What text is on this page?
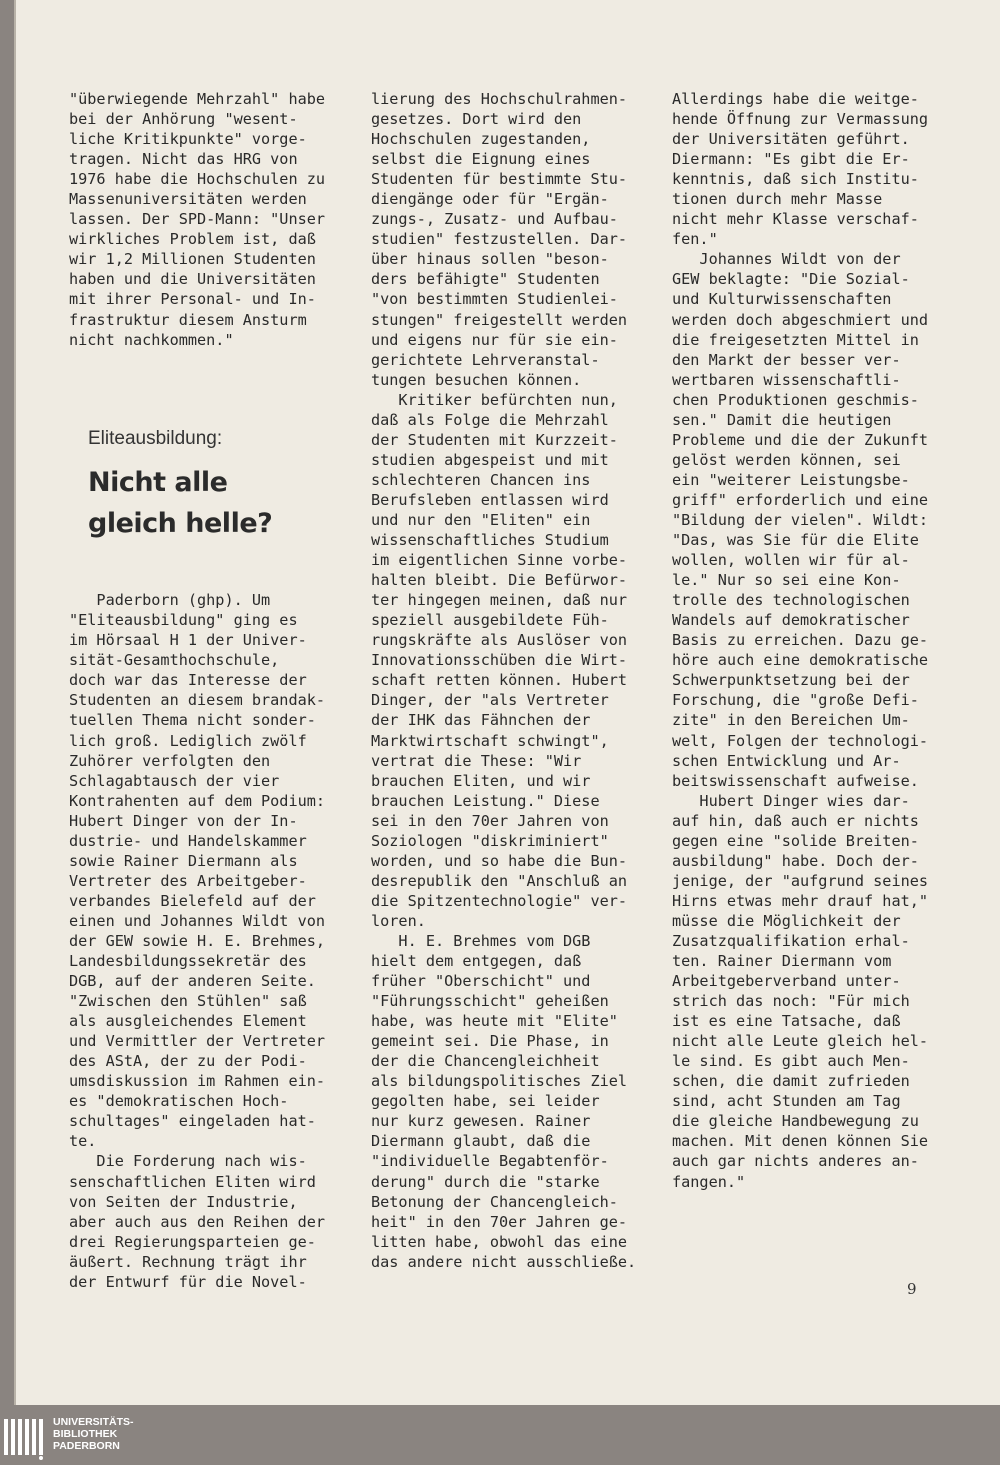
"überwiegende Mehrzahl" habe
bei der Anhörung "wesent-
liche Kritikpunkte" vorge-
tragen. Nicht das HRG von
1976 habe die Hochschulen zu
Massenuniversitäten werden
lassen. Der SPD-Mann: "Unser
wirkliches Problem ist, daß
wir 1,2 Millionen Studenten
haben und die Universitäten
mit ihrer Personal- und In-
frastruktur diesem Ansturm
nicht nachkommen."
Paderborn (ghp). Um
"Eliteausbildung" ging es
im Hörsaal H 1 der Univer-
sität-Gesamthochschule,
doch war das Interesse der
Studenten an diesem brandak-
tuellen Thema nicht sonder-
lich groß. Lediglich zwölf
Zuhörer verfolgten den
Schlagabtausch der vier
Kontrahenten auf dem Podium:
Hubert Dinger von der In-
dustrie- und Handelskammer
sowie Rainer Diermann als
Vertreter des Arbeitgeber-
verbandes Bielefeld auf der
einen und Johannes Wildt von
der GEW sowie H. E. Brehmes,
Landesbildungssekretär des
DGB, auf der anderen Seite.
"Zwischen den Stühlen" saß
als ausgleichendes Element
und Vermittler der Vertreter
des AStA, der zu der Podi-
umsdiskussion im Rahmen ein-
es "demokratischen Hoch-
schultages" eingeladen hat-
te.
Die Forderung nach wis-
senschaftlichen Eliten wird
von Seiten der Industrie,
aber auch aus den Reihen der
drei Regierungsparteien ge-
äußert. Rechnung trägt ihr
der Entwurf für die Novel-
Eliteausbildung:
Nicht alle
gleich helle?
lierung des Hochschulrahmen-
gesetzes. Dort wird den
Hochschulen zugestanden,
selbst die Eignung eines
Studenten für bestimmte Stu-
diengänge oder für "Ergän-
zungs-, Zusatz- und Aufbau-
studien" festzustellen. Dar-
über hinaus sollen "beson-
ders befähigte" Studenten
"von bestimmten Studienlei-
stungen" freigestellt werden
und eigens nur für sie ein-
gerichtete Lehrveranstal-
tungen besuchen können.
Kritiker befürchten nun,
daß als Folge die Mehrzahl
der Studenten mit Kurzzeit-
studien abgespeist und mit
schlechteren Chancen ins
Berufsleben entlassen wird
und nur den "Eliten" ein
wissenschaftliches Studium
im eigentlichen Sinne vorbe-
halten bleibt. Die Befürwor-
ter hingegen meinen, daß nur
speziell ausgebildete Füh-
rungskräfte als Auslöser von
Innovationsschüben die Wirt-
schaft retten können. Hubert
Dinger, der "als Vertreter
der IHK das Fähnchen der
Marktwirtschaft schwingt",
vertrat die These: "Wir
brauchen Eliten, und wir
brauchen Leistung." Diese
sei in den 70er Jahren von
Soziologen "diskriminiert"
worden, und so habe die Bun-
desrepublik den "Anschluß an
die Spitzentechnologie" ver-
loren.
H. E. Brehmes vom DGB
hielt dem entgegen, daß
früher "Oberschicht" und
"Führungsschicht" geheißen
habe, was heute mit "Elite"
gemeint sei. Die Phase, in
der die Chancengleichheit
als bildungspolitisches Ziel
gegolten habe, sei leider
nur kurz gewesen. Rainer
Diermann glaubt, daß die
"individuelle Begabtenför-
derung" durch die "starke
Betonung der Chancengleich-
heit" in den 70er Jahren ge-
litten habe, obwohl das eine
das andere nicht ausschließe.
Allerdings habe die weitge-
hende Öffnung zur Vermassung
der Universitäten geführt.
Diermann: "Es gibt die Er-
kenntnis, daß sich Institu-
tionen durch mehr Masse
nicht mehr Klasse verschaf-
fen."
Johannes Wildt von der
GEW beklagte: "Die Sozial-
und Kulturwissenschaften
werden doch abgeschmiert und
die freigesetzten Mittel in
den Markt der besser ver-
wertbaren wissenschaftli-
chen Produktionen geschmis-
sen." Damit die heutigen
Probleme und die der Zukunft
gelöst werden können, sei
ein "weiterer Leistungsbe-
griff" erforderlich und eine
"Bildung der vielen". Wildt:
"Das, was Sie für die Elite
wollen, wollen wir für al-
le." Nur so sei eine Kon-
trolle des technologischen
Wandels auf demokratischer
Basis zu erreichen. Dazu ge-
höre auch eine demokratische
Schwerpunktsetzung bei der
Forschung, die "große Defi-
zite" in den Bereichen Um-
welt, Folgen der technologi-
schen Entwicklung und Ar-
beitswissenschaft aufweise.
Hubert Dinger wies dar-
auf hin, daß auch er nichts
gegen eine "solide Breiten-
ausbildung" habe. Doch der-
jenige, der "aufgrund seines
Hirns etwas mehr drauf hat,"
müsse die Möglichkeit der
Zusatzqualifikation erhal-
ten. Rainer Diermann vom
Arbeitgeberverband unter-
strich das noch: "Für mich
ist es eine Tatsache, daß
nicht alle Leute gleich hel-
le sind. Es gibt auch Men-
schen, die damit zufrieden
sind, acht Stunden am Tag
die gleiche Handbewegung zu
machen. Mit denen können Sie
auch gar nichts anderes an-
fangen."
9
UNIVERSITÄTS-
BIBLIOTHEK
PADERBORN
